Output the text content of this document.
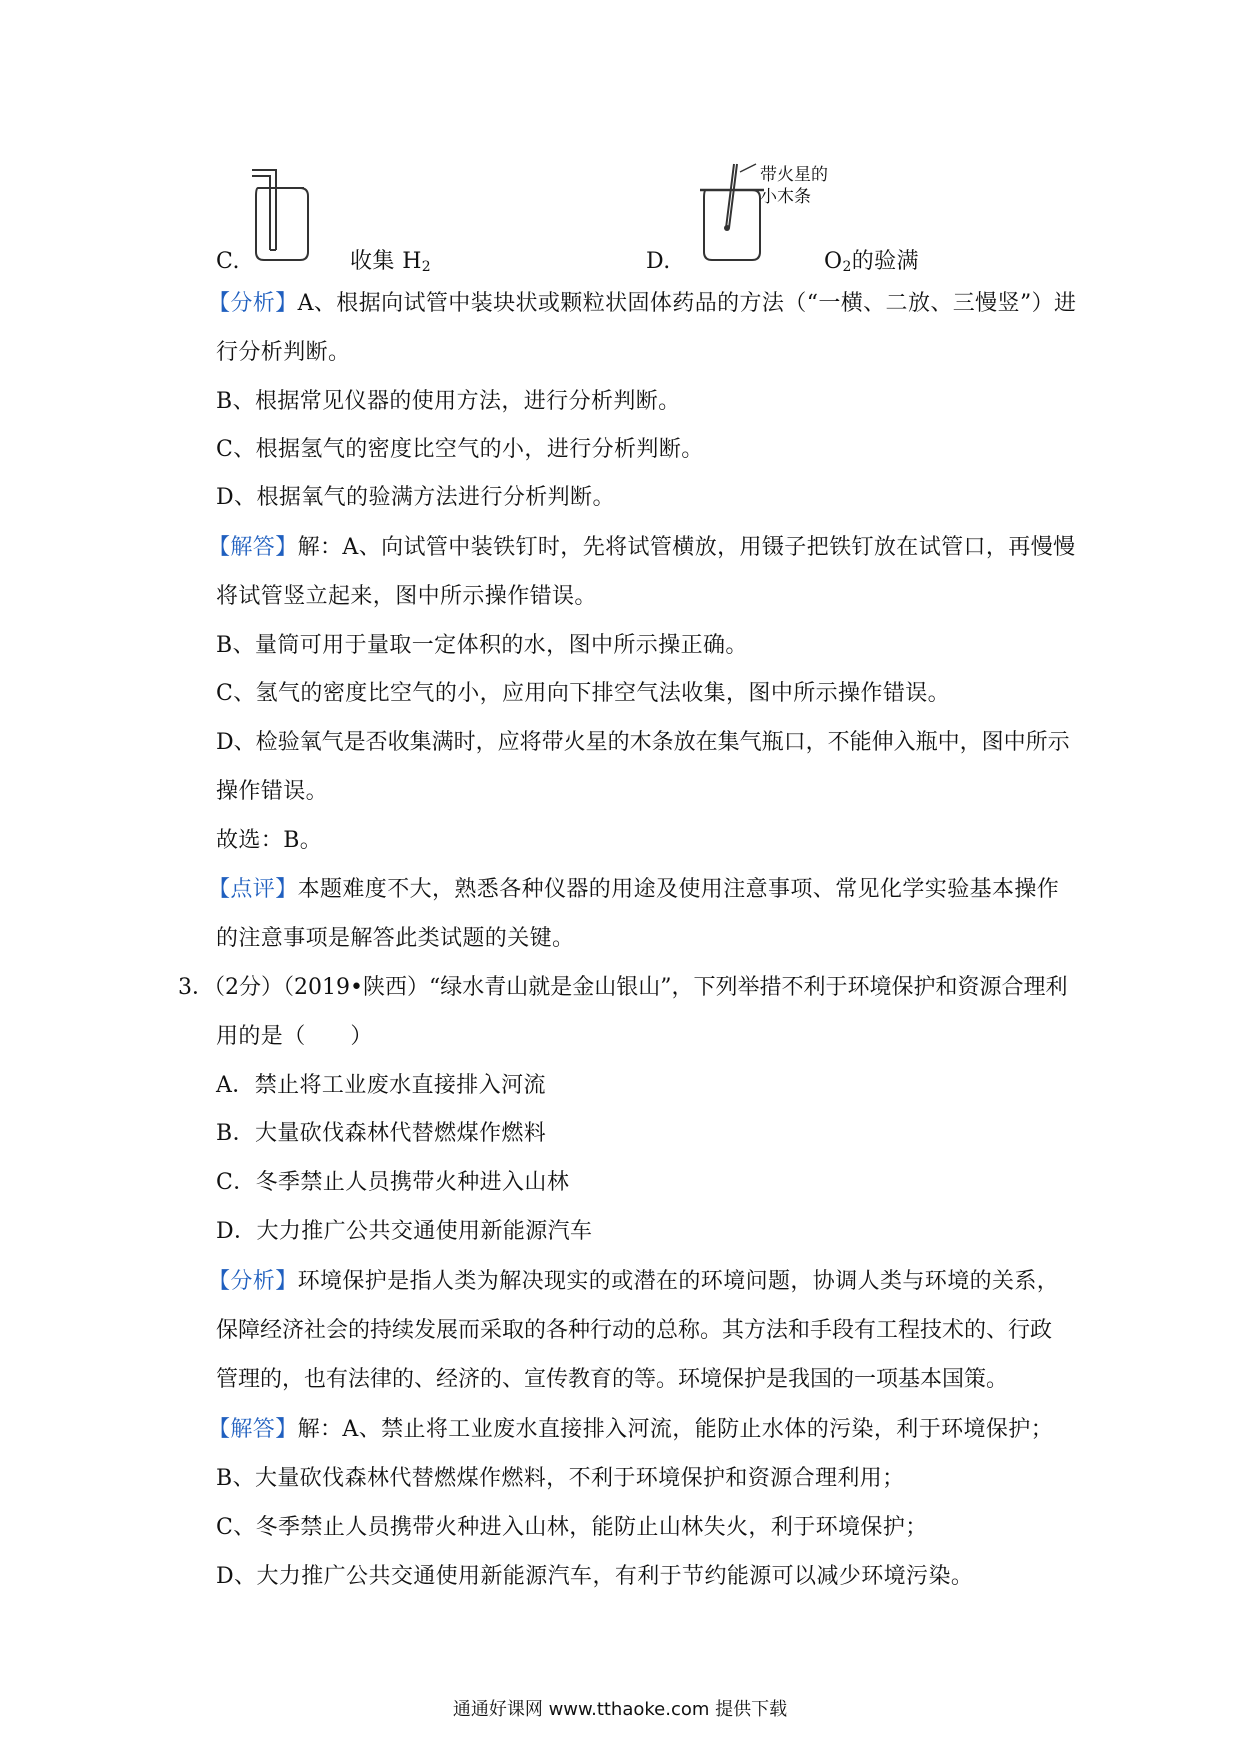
带火星的
小木条
C.	收集 $H_2$	D.	$O_2$的验满
【分析】A、根据向试管中装块状或颗粒状固体药品的方法（“一横、二放、三慢竖”）进
行分析判断。
B、根据常见仪器的使用方法，进行分析判断。
C、根据氢气的密度比空气的小，进行分析判断。
D、根据氧气的验满方法进行分析判断。
【解答】解：A、向试管中装铁钉时，先将试管横放，用镊子把铁钉放在试管口，再慢慢
将试管竖立起来，图中所示操作错误。
B、量筒可用于量取一定体积的水，图中所示操正确。
C、氢气的密度比空气的小，应用向下排空气法收集，图中所示操作错误。
D、检验氧气是否收集满时，应将带火星的木条放在集气瓶口，不能伸入瓶中，图中所示
操作错误。
故选：B。
【点评】本题难度不大，熟悉各种仪器的用途及使用注意事项、常见化学实验基本操作
的注意事项是解答此类试题的关键。
3．（2分）（2019•陕西）“绿水青山就是金山银山”，下列举措不利于环境保护和资源合理利
用的是（　　）
A．禁止将工业废水直接排入河流
B．大量砍伐森林代替燃煤作燃料
C．冬季禁止人员携带火种进入山林
D．大力推广公共交通使用新能源汽车
【分析】环境保护是指人类为解决现实的或潜在的环境问题，协调人类与环境的关系，
保障经济社会的持续发展而采取的各种行动的总称。其方法和手段有工程技术的、行政
管理的，也有法律的、经济的、宣传教育的等。环境保护是我国的一项基本国策。
【解答】解：A、禁止将工业废水直接排入河流，能防止水体的污染，利于环境保护；
B、大量砍伐森林代替燃煤作燃料，不利于环境保护和资源合理利用；
C、冬季禁止人员携带火种进入山林，能防止山林失火，利于环境保护；
D、大力推广公共交通使用新能源汽车，有利于节约能源可以减少环境污染。
通通好课网 www.tthaoke.com 提供下载
